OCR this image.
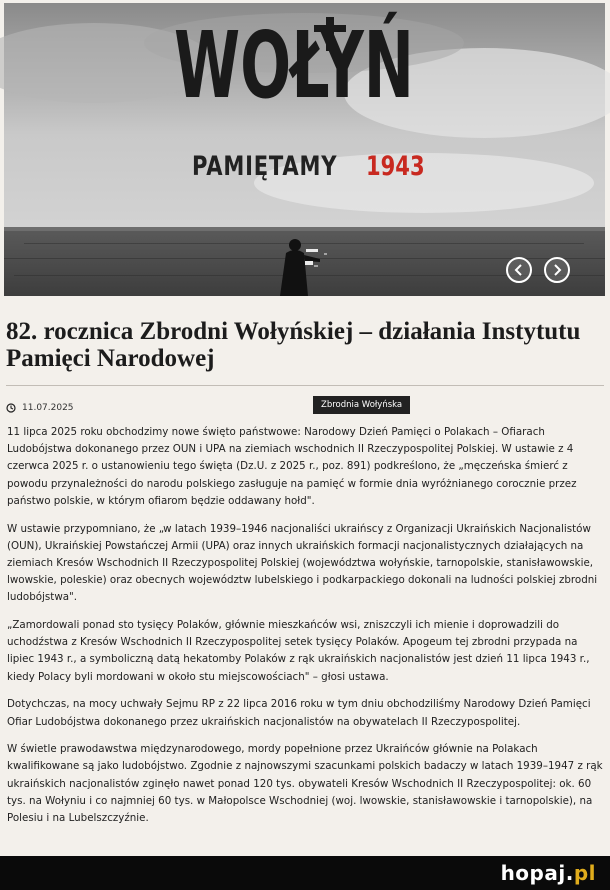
WOŁYŃ
PAMIĘTAMY 1943
82. rocznica Zbrodni Wołyńskiej – działania Instytutu Pamięci Narodowej
11.07.2025	Zbrodnia Wołyńska

11 lipca 2025 roku obchodzimy nowe święto państwowe: Narodowy Dzień Pamięci o Polakach – Ofiarach Ludobójstwa dokonanego przez OUN i UPA na ziemiach wschodnich II Rzeczypospolitej Polskiej. W ustawie z 4 czerwca 2025 r. o ustanowieniu tego święta (Dz.U. z 2025 r., poz. 891) podkreślono, że „męczeńska śmierć z powodu przynależności do narodu polskiego zasługuje na pamięć w formie dnia wyróżnianego corocznie przez państwo polskie, w którym ofiarom będzie oddawany hołd".

W ustawie przypomniano, że „w latach 1939–1946 nacjonaliści ukraińscy z Organizacji Ukraińskich Nacjonalistów (OUN), Ukraińskiej Powstańczej Armii (UPA) oraz innych ukraińskich formacji nacjonalistycznych działających na ziemiach Kresów Wschodnich II Rzeczypospolitej Polskiej (województwa wołyńskie, tarnopolskie, stanisławowskie, lwowskie, poleskie) oraz obecnych województw lubelskiego i podkarpackiego dokonali na ludności polskiej zbrodni ludobójstwa".

„Zamordowali ponad sto tysięcy Polaków, głównie mieszkańców wsi, zniszczyli ich mienie i doprowadzili do uchodźstwa z Kresów Wschodnich II Rzeczypospolitej setek tysięcy Polaków. Apogeum tej zbrodni przypada na lipiec 1943 r., a symboliczną datą hekatomby Polaków z rąk ukraińskich nacjonalistów jest dzień 11 lipca 1943 r., kiedy Polacy byli mordowani w około stu miejscowościach" – głosi ustawa.

Dotychczas, na mocy uchwały Sejmu RP z 22 lipca 2016 roku w tym dniu obchodziliśmy Narodowy Dzień Pamięci Ofiar Ludobójstwa dokonanego przez ukraińskich nacjonalistów na obywatelach II Rzeczypospolitej.

W świetle prawodawstwa międzynarodowego, mordy popełnione przez Ukraińców głównie na Polakach kwalifikowane są jako ludobójstwo. Zgodnie z najnowszymi szacunkami polskich badaczy w latach 1939–1947 z rąk ukraińskich nacjonalistów zginęło nawet ponad 120 tys. obywateli Kresów Wschodnich II Rzeczypospolitej: ok. 60 tys. na Wołyniu i co najmniej 60 tys. w Małopolsce Wschodniej (woj. lwowskie, stanisławowskie i tarnopolskie), na Polesiu i na Lubelszczyźnie.

hopaj.pl
